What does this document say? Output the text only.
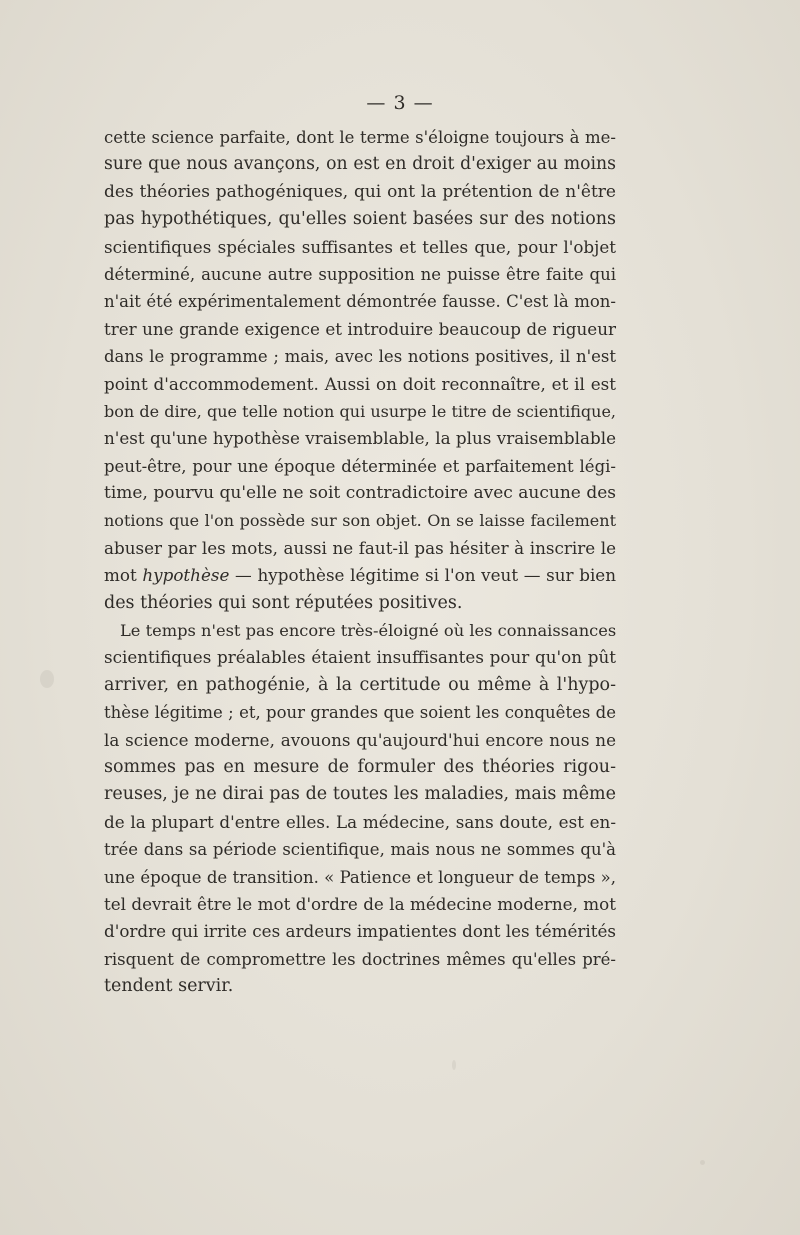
— 3 —
cette science parfaite, dont le terme s'éloigne toujours à me-
sure que nous avançons, on est en droit d'exiger au moins
des théories pathogéniques, qui ont la prétention de n'être
pas hypothétiques, qu'elles soient basées sur des notions
scientifiques spéciales suffisantes et telles que, pour l'objet
déterminé, aucune autre supposition ne puisse être faite qui
n'ait été expérimentalement démontrée fausse. C'est là mon-
trer une grande exigence et introduire beaucoup de rigueur
dans le programme ; mais, avec les notions positives, il n'est
point d'accommodement. Aussi on doit reconnaître, et il est
bon de dire, que telle notion qui usurpe le titre de scientifique,
n'est qu'une hypothèse vraisemblable, la plus vraisemblable
peut-être, pour une époque déterminée et parfaitement légi-
time, pourvu qu'elle ne soit contradictoire avec aucune des
notions que l'on possède sur son objet. On se laisse facilement
abuser par les mots, aussi ne faut-il pas hésiter à inscrire le
mot hypothèse — hypothèse légitime si l'on veut — sur bien
des théories qui sont réputées positives.
Le temps n'est pas encore très-éloigné où les connaissances
scientifiques préalables étaient insuffisantes pour qu'on pût
arriver, en pathogénie, à la certitude ou même à l'hypo-
thèse légitime ; et, pour grandes que soient les conquêtes de
la science moderne, avouons qu'aujourd'hui encore nous ne
sommes pas en mesure de formuler des théories rigou-
reuses, je ne dirai pas de toutes les maladies, mais même
de la plupart d'entre elles. La médecine, sans doute, est en-
trée dans sa période scientifique, mais nous ne sommes qu'à
une époque de transition. « Patience et longueur de temps »,
tel devrait être le mot d'ordre de la médecine moderne, mot
d'ordre qui irrite ces ardeurs impatientes dont les témérités
risquent de compromettre les doctrines mêmes qu'elles pré-
tendent servir.
